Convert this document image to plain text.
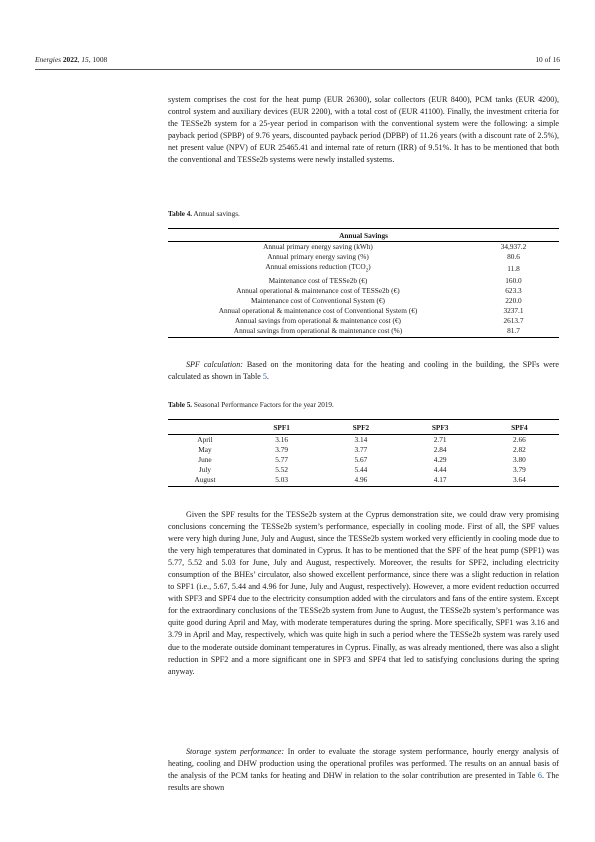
Energies 2022, 15, 1008	10 of 16

system comprises the cost for the heat pump (EUR 26300), solar collectors (EUR 8400), PCM tanks (EUR 4200), control system and auxiliary devices (EUR 2200), with a total cost of (EUR 41100). Finally, the investment criteria for the TESSe2b system for a 25-year period in comparison with the conventional system were the following: a simple payback period (SPBP) of 9.76 years, discounted payback period (DPBP) of 11.26 years (with a discount rate of 2.5%), net present value (NPV) of EUR 25465.41 and internal rate of return (IRR) of 9.51%. It has to be mentioned that both the conventional and TESSe2b systems were newly installed systems.

Table 4. Annual savings.
Annual Savings	
Annual primary energy saving (kWh)	34,937.2
Annual primary energy saving (%)	80.6
Annual emissions reduction $(TCO_2)$	11.8
Maintenance cost of TESSe2b (€)	160.0
Annual operational & maintenance cost of TESSe2b (€)	623.3
Maintenance cost of Conventional System (€)	220.0
Annual operational & maintenance cost of Conventional System (€)	3237.1
Annual savings from operational & maintenance cost (€)	2613.7
Annual savings from operational & maintenance cost (%)	81.7

SPF calculation: Based on the monitoring data for the heating and cooling in the building, the SPFs were calculated as shown in Table 5.

Table 5. Seasonal Performance Factors for the year 2019.
	SPF1	SPF2	SPF3	SPF4
April	3.16	3.14	2.71	2.66
May	3.79	3.77	2.84	2.82
June	5.77	5.67	4.29	3.80
July	5.52	5.44	4.44	3.79
August	5.03	4.96	4.17	3.64

Given the SPF results for the TESSe2b system at the Cyprus demonstration site, we could draw very promising conclusions concerning the TESSe2b system’s performance, especially in cooling mode. First of all, the SPF values were very high during June, July and August, since the TESSe2b system worked very efficiently in cooling mode due to the very high temperatures that dominated in Cyprus. It has to be mentioned that the SPF of the heat pump (SPF1) was 5.77, 5.52 and 5.03 for June, July and August, respectively. Moreover, the results for SPF2, including electricity consumption of the BHEs’ circulator, also showed excellent performance, since there was a slight reduction in relation to SPF1 (i.e., 5.67, 5.44 and 4.96 for June, July and August, respectively). However, a more evident reduction occurred with SPF3 and SPF4 due to the electricity consumption added with the circulators and fans of the entire system. Except for the extraordinary conclusions of the TESSe2b system from June to August, the TESSe2b system’s performance was quite good during April and May, with moderate temperatures during the spring. More specifically, SPF1 was 3.16 and 3.79 in April and May, respectively, which was quite high in such a period where the TESSe2b system was rarely used due to the moderate outside dominant temperatures in Cyprus. Finally, as was already mentioned, there was also a slight reduction in SPF2 and a more significant one in SPF3 and SPF4 that led to satisfying conclusions during the spring anyway.

Storage system performance: In order to evaluate the storage system performance, hourly energy analysis of heating, cooling and DHW production using the operational profiles was performed. The results on an annual basis of the analysis of the PCM tanks for heating and DHW in relation to the solar contribution are presented in Table 6. The results are shown
